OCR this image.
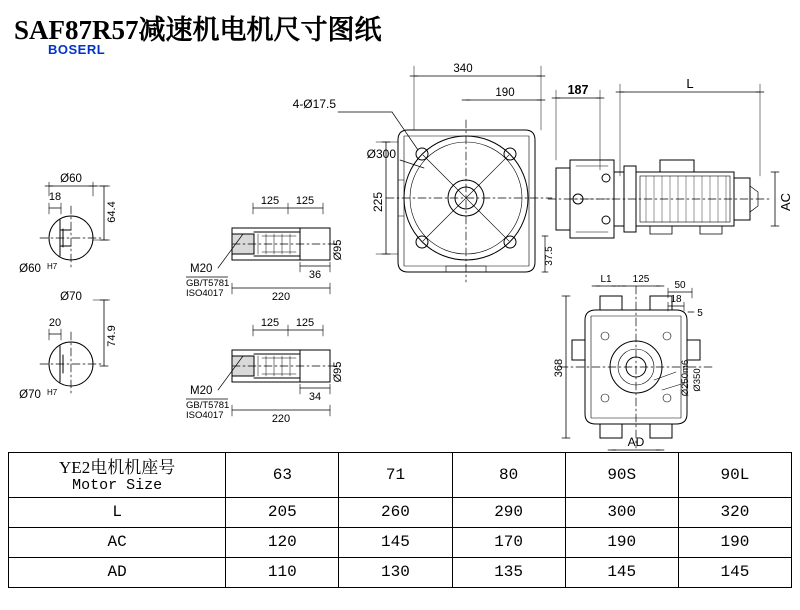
SAF87R57减速机电机尺寸图纸
BOSERL
340
190	187	L
4-Ø17.5
Ø300
225
37.5
AC
Ø60
64.4
18
Ø60 H7
Ø70
74.9
20
Ø70 H7
125 125
36
220
Ø95
M20
GB/T5781
ISO4017
125 125
34
220
Ø95
M20
GB/T5781
ISO4017
L1 125
50
18
5
368	Ø250m6 Ø350
AD
YE2电机机座号
Motor Size	63	71	80	90S	90L
L	205	260	290	300	320
AC	120	145	170	190	190
AD	110	130	135	145	145
